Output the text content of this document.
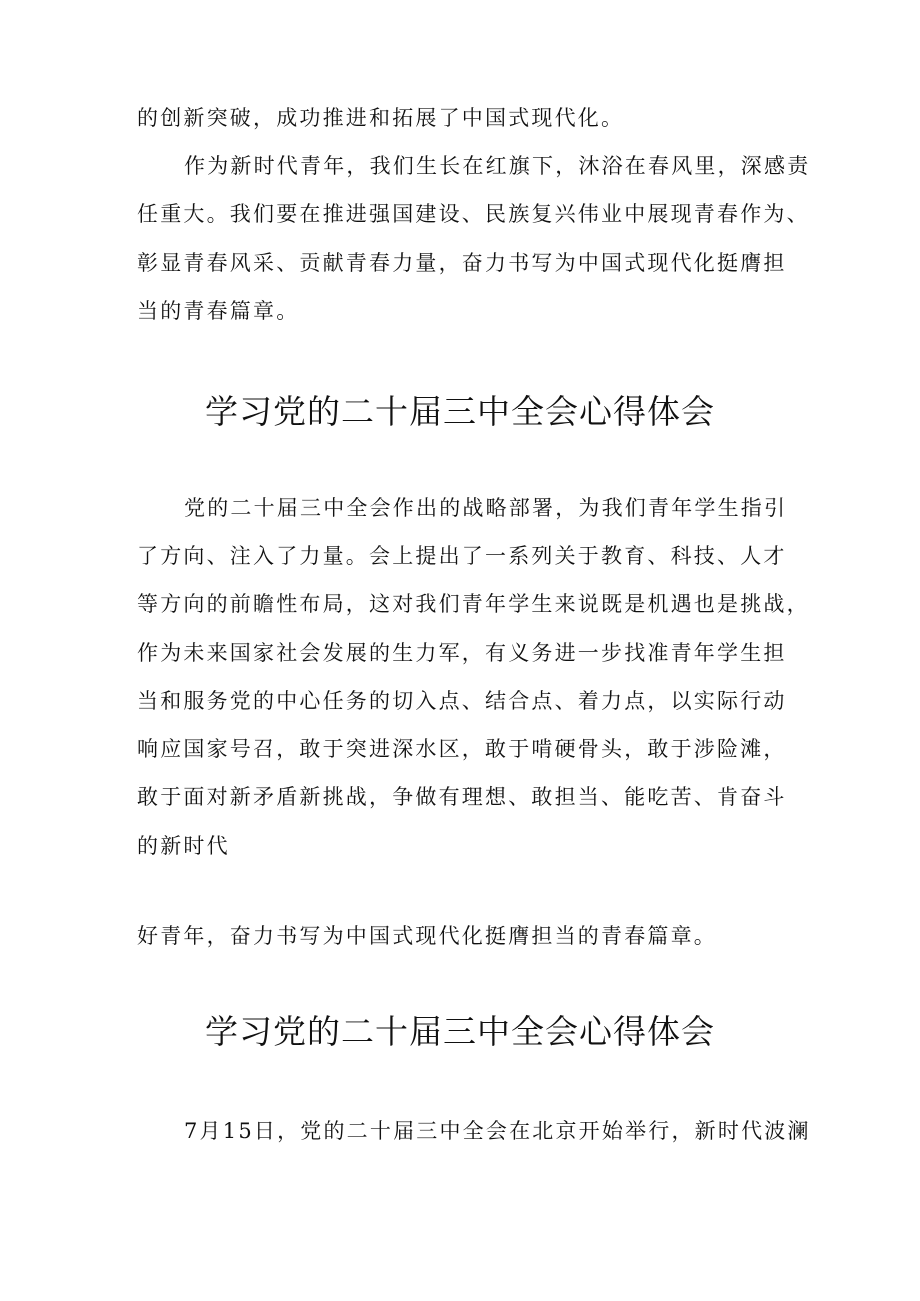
的创新突破，成功推进和拓展了中国式现代化。

作为新时代青年，我们生长在红旗下，沐浴在春风里，深感责

任重大。我们要在推进强国建设、民族复兴伟业中展现青春作为、

彰显青春风采、贡献青春力量，奋力书写为中国式现代化挺膺担

当的青春篇章。

学习党的二十届三中全会心得体会

党的二十届三中全会作出的战略部署，为我们青年学生指引

了方向、注入了力量。会上提出了一系列关于教育、科技、人才

等方向的前瞻性布局，这对我们青年学生来说既是机遇也是挑战，

作为未来国家社会发展的生力军，有义务进一步找准青年学生担

当和服务党的中心任务的切入点、结合点、着力点，以实际行动

响应国家号召，敢于突进深水区，敢于啃硬骨头，敢于涉险滩，

敢于面对新矛盾新挑战，争做有理想、敢担当、能吃苦、肯奋斗

的新时代

好青年，奋力书写为中国式现代化挺膺担当的青春篇章。

学习党的二十届三中全会心得体会

7月15日，党的二十届三中全会在北京开始举行，新时代波澜
